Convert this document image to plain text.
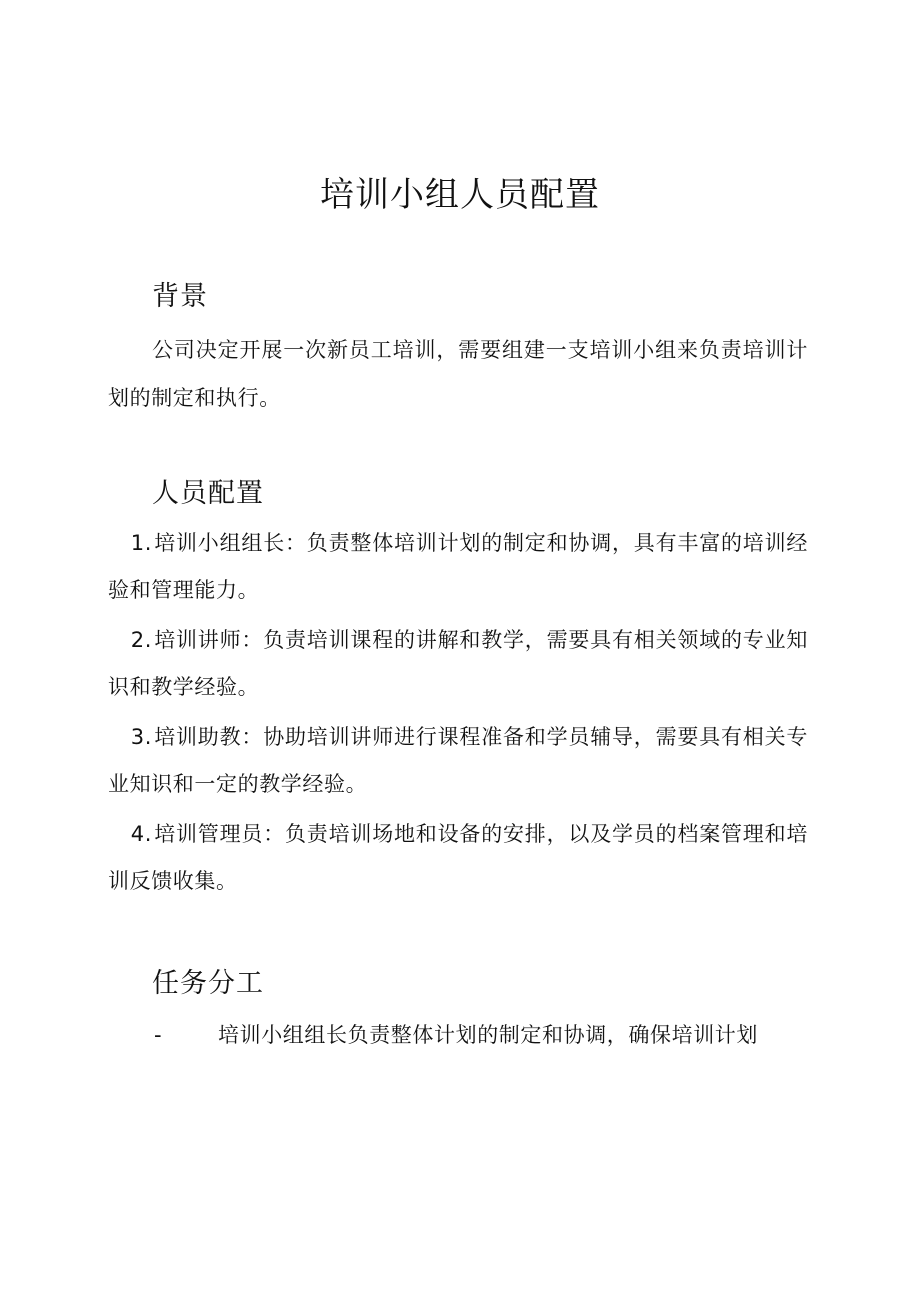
培训小组人员配置
背景

公司决定开展一次新员工培训，需要组建一支培训小组来负责培训计划的制定和执行。

人员配置

1.培训小组组长：负责整体培训计划的制定和协调，具有丰富的培训经验和管理能力。

2.培训讲师：负责培训课程的讲解和教学，需要具有相关领域的专业知识和教学经验。

3.培训助教：协助培训讲师进行课程准备和学员辅导，需要具有相关专业知识和一定的教学经验。

4.培训管理员：负责培训场地和设备的安排，以及学员的档案管理和培训反馈收集。

任务分工

-	培训小组组长负责整体计划的制定和协调，确保培训计划
